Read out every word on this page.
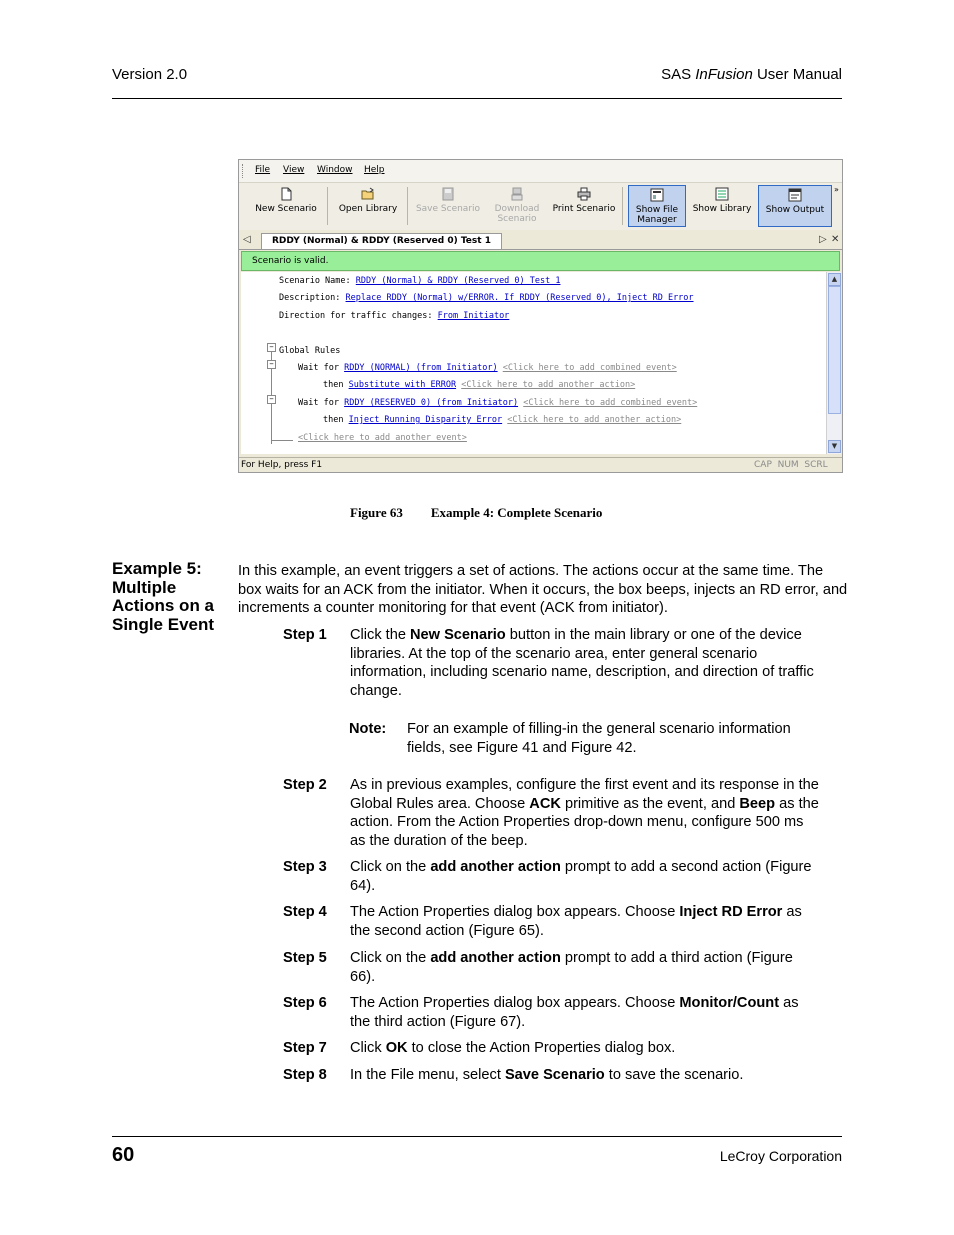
Version 2.0	SAS InFusion User Manual
File View Window Help
New Scenario	Open Library	Save Scenario	Download
Scenario
Print Scenario	Show File
Manager
Show Library	Show Output
»
◁	RDDY (Normal) & RDDY (Reserved 0) Test 1	▷ ✕
Scenario is valid.
Scenario Name: RDDY (Normal) & RDDY (Reserved 0) Test 1
Description: Replace RDDY (Normal) w/ERROR. If RDDY (Reserved 0), Inject RD Error
Direction for traffic changes: From Initiator
−
−
−
Global Rules
Wait for RDDY (NORMAL) (from Initiator) <Click here to add combined event>
then Substitute with ERROR <Click here to add another action>
Wait for RDDY (RESERVED 0) (from Initiator) <Click here to add combined event>
then Inject Running Disparity Error <Click here to add another action>
<Click here to add another event>
▲
▼
For Help, press F1	CAP  NUM  SCRL
Figure 63 Example 4: Complete Scenario
Example 5: Multiple Actions on a Single Event
In this example, an event triggers a set of actions. The actions occur at the same time. The box waits for an ACK from the initiator. When it occurs, the box beeps, injects an RD error, and increments a counter monitoring for that event (ACK from initiator).
Step 1 Click the New Scenario button in the main library or one of the device libraries. At the top of the scenario area, enter general scenario information, including scenario name, description, and direction of traffic change.
Note: For an example of filling-in the general scenario information fields, see Figure 41 and Figure 42.
Step 2 As in previous examples, configure the first event and its response in the Global Rules area. Choose ACK primitive as the event, and Beep as the action. From the Action Properties drop-down menu, configure 500 ms as the duration of the beep.
Step 3 Click on the add another action prompt to add a second action (Figure 64).
Step 4 The Action Properties dialog box appears. Choose Inject RD Error as the second action (Figure 65).
Step 5 Click on the add another action prompt to add a third action (Figure 66).
Step 6 The Action Properties dialog box appears. Choose Monitor/Count as the third action (Figure 67).
Step 7 Click OK to close the Action Properties dialog box.
Step 8 In the File menu, select Save Scenario to save the scenario.
60	LeCroy Corporation
